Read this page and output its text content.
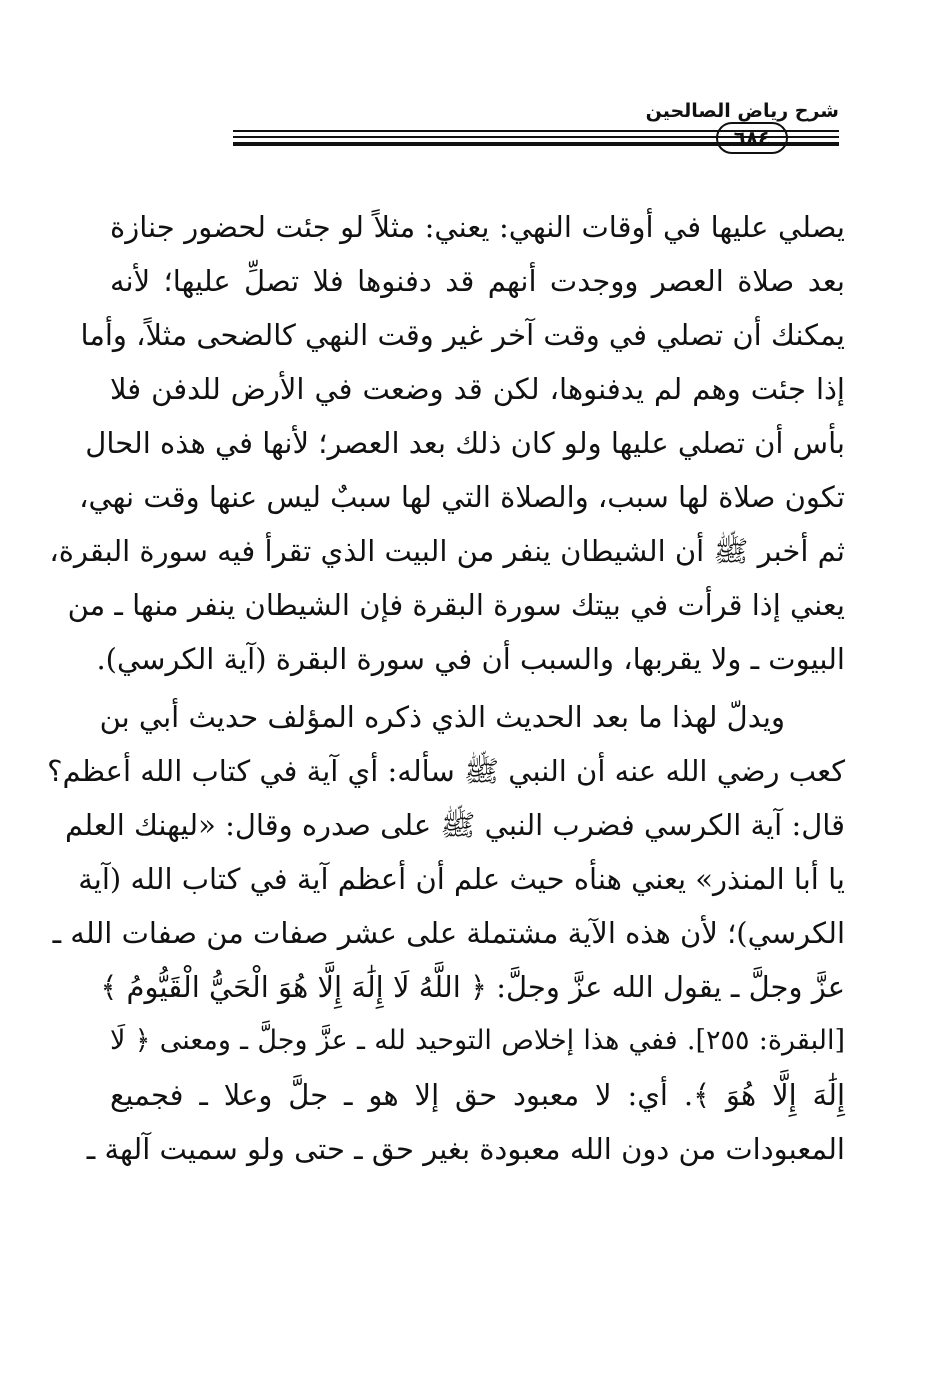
شرح رياض الصالحين
٦٨٤
يصلي عليها في أوقات النهي: يعني: مثلاً لو جئت لحضور جنازة
بعد صلاة العصر ووجدت أنهم قد دفنوها فلا تصلِّ عليها؛ لأنه
يمكنك أن تصلي في وقت آخر غير وقت النهي كالضحى مثلاً، وأما
إذا جئت وهم لم يدفنوها، لكن قد وضعت في الأرض للدفن فلا
بأس أن تصلي عليها ولو كان ذلك بعد العصر؛ لأنها في هذه الحال
تكون صلاة لها سبب، والصلاة التي لها سببٌ ليس عنها وقت نهي،
ثم أخبر ﷺ أن الشيطان ينفر من البيت الذي تقرأ فيه سورة البقرة،
يعني إذا قرأت في بيتك سورة البقرة فإن الشيطان ينفر منها ـ من
البيوت ـ ولا يقربها، والسبب أن في سورة البقرة (آية الكرسي).
ويدلّ لهذا ما بعد الحديث الذي ذكره المؤلف حديث أبي بن
كعب رضي الله عنه أن النبي ﷺ سأله: أي آية في كتاب الله أعظم؟
قال: آية الكرسي فضرب النبي ﷺ على صدره وقال: «ليهنك العلم
يا أبا المنذر» يعني هنأه حيث علم أن أعظم آية في كتاب الله (آية
الكرسي)؛ لأن هذه الآية مشتملة على عشر صفات من صفات الله ـ
عزَّ وجلَّ ـ يقول الله عزَّ وجلَّ: ﴿ اللَّهُ لَا إِلَٰهَ إِلَّا هُوَ الْحَيُّ الْقَيُّومُ ﴾
[البقرة: ٢٥٥]. ففي هذا إخلاص التوحيد لله ـ عزَّ وجلَّ ـ ومعنى ﴿ لَا
إِلَٰهَ إِلَّا هُوَ ﴾. أي: لا معبود حق إلا هو ـ جلَّ وعلا ـ فجميع
المعبودات من دون الله معبودة بغير حق ـ حتى ولو سميت آلهة ـ
